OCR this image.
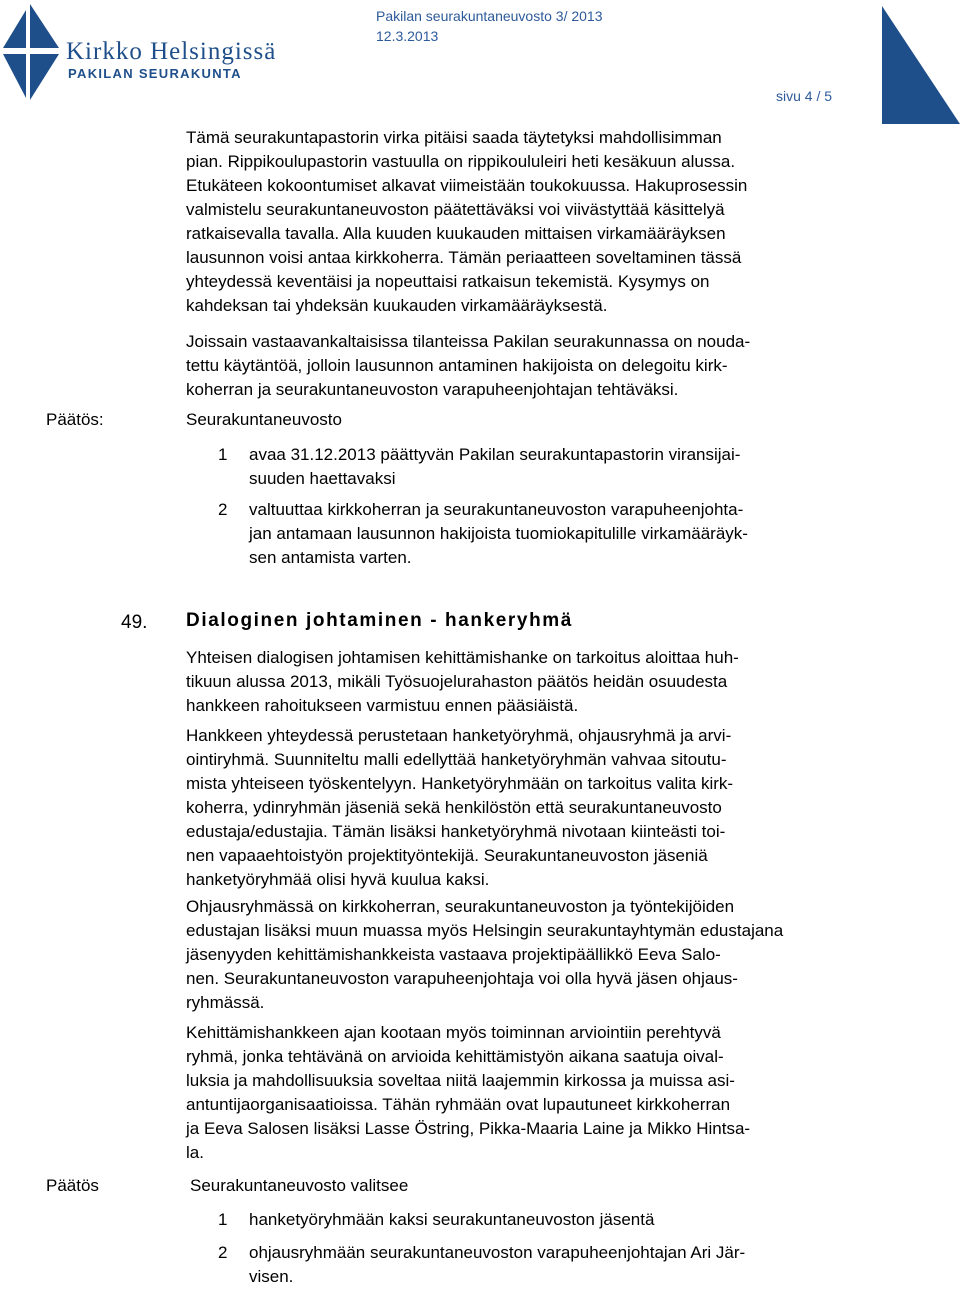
Kirkko Helsingissä
PAKILAN SEURAKUNTA
Pakilan seurakuntaneuvosto 3/ 2013
12.3.2013
sivu 4 / 5
Tämä seurakuntapastorin virka pitäisi saada täytetyksi mahdollisimman
pian. Rippikoulupastorin vastuulla on rippikoululeiri heti kesäkuun alussa.
Etukäteen kokoontumiset alkavat viimeistään toukokuussa. Hakuprosessin
valmistelu seurakuntaneuvoston päätettäväksi voi viivästyttää käsittelyä
ratkaisevalla tavalla. Alla kuuden kuukauden mittaisen virkamääräyksen
lausunnon voisi antaa kirkkoherra. Tämän periaatteen soveltaminen tässä
yhteydessä keventäisi ja nopeuttaisi ratkaisun tekemistä. Kysymys on
kahdeksan tai yhdeksän kuukauden virkamääräyksestä.
Joissain vastaavankaltaisissa tilanteissa Pakilan seurakunnassa on nouda-
tettu käytäntöä, jolloin lausunnon antaminen hakijoista on delegoitu kirk-
koherran ja seurakuntaneuvoston varapuheenjohtajan tehtäväksi.
Päätös:	Seurakuntaneuvosto
1 avaa 31.12.2013 päättyvän Pakilan seurakuntapastorin viransijai-
suuden haettavaksi
2 valtuuttaa kirkkoherran ja seurakuntaneuvoston varapuheenjohta-
jan antamaan lausunnon hakijoista tuomiokapitulille virkamääräyk-
sen antamista varten.
49. Dialoginen johtaminen - hankeryhmä
Yhteisen dialogisen johtamisen kehittämishanke on tarkoitus aloittaa huh-
tikuun alussa 2013, mikäli Työsuojelurahaston päätös heidän osuudesta
hankkeen rahoitukseen varmistuu ennen pääsiäistä.
Hankkeen yhteydessä perustetaan hanketyöryhmä, ohjausryhmä ja arvi-
ointiryhmä. Suunniteltu malli edellyttää hanketyöryhmän vahvaa sitoutu-
mista yhteiseen työskentelyyn. Hanketyöryhmään on tarkoitus valita kirk-
koherra, ydinryhmän jäseniä sekä henkilöstön että seurakuntaneuvosto
edustaja/edustajia. Tämän lisäksi hanketyöryhmä nivotaan kiinteästi toi-
nen vapaaehtoistyön projektityöntekijä. Seurakuntaneuvoston jäseniä
hanketyöryhmää olisi hyvä kuulua kaksi.
Ohjausryhmässä on kirkkoherran, seurakuntaneuvoston ja työntekijöiden
edustajan lisäksi muun muassa myös Helsingin seurakuntayhtymän edustajana
jäsenyyden kehittämishankkeista vastaava projektipäällikkö Eeva Salo-
nen. Seurakuntaneuvoston varapuheenjohtaja voi olla hyvä jäsen ohjaus-
ryhmässä.
Kehittämishankkeen ajan kootaan myös toiminnan arviointiin perehtyvä
ryhmä, jonka tehtävänä on arvioida kehittämistyön aikana saatuja oival-
luksia ja mahdollisuuksia soveltaa niitä laajemmin kirkossa ja muissa asi-
antuntijaorganisaatioissa. Tähän ryhmään ovat lupautuneet kirkkoherran
ja Eeva Salosen lisäksi Lasse Östring, Pikka-Maaria Laine ja Mikko Hintsa-
la.
Päätös	Seurakuntaneuvosto valitsee
1 hanketyöryhmään kaksi seurakuntaneuvoston jäsentä
2 ohjausryhmään seurakuntaneuvoston varapuheenjohtajan Ari Jär-
visen.
